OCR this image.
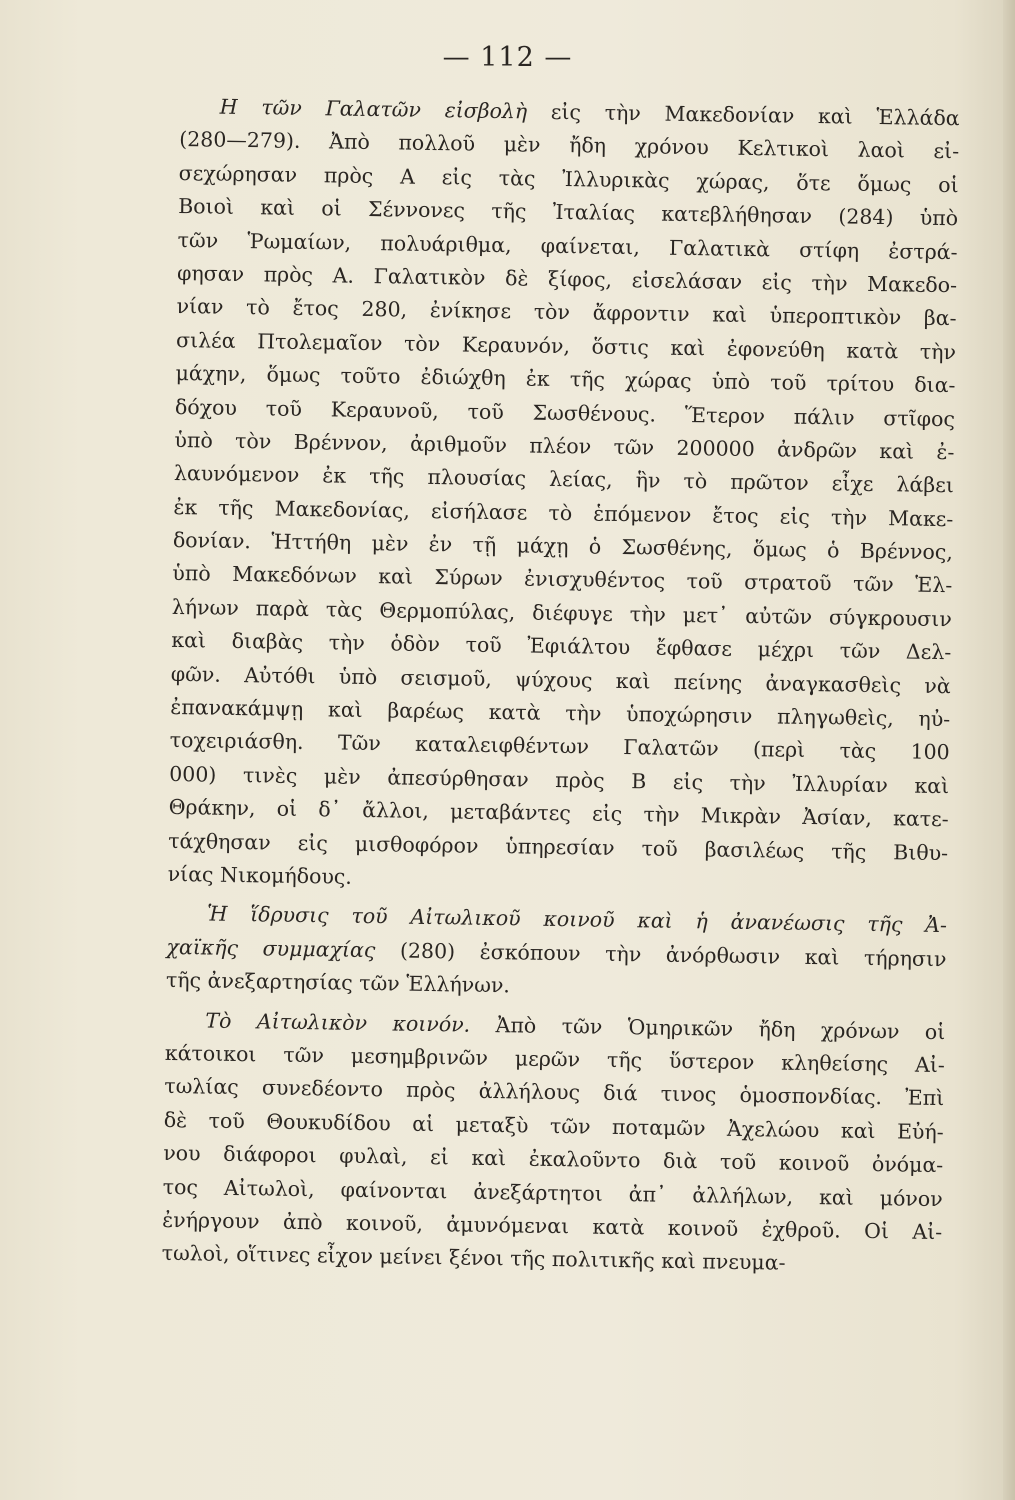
— 112 —
Η τῶν Γαλατῶν εἰσβολὴ εἰς τὴν Μακεδονίαν καὶ Ἑλλάδα
(280—279). Ἀπὸ πολλοῦ μὲν ἤδη χρόνου Κελτικοὶ λαοὶ εἰ-
σεχώρησαν πρὸς Α εἰς τὰς Ἰλλυρικὰς χώρας, ὅτε ὅμως οἱ
Βοιοὶ καὶ οἱ Σέννονες τῆς Ἰταλίας κατεβλήθησαν (284) ὑπὸ
τῶν Ῥωμαίων, πολυάριθμα, φαίνεται, Γαλατικὰ στίφη ἐστρά-
φησαν πρὸς Α. Γαλατικὸν δὲ ξίφος, εἰσελάσαν εἰς τὴν Μακεδο-
νίαν τὸ ἔτος 280, ἐνίκησε τὸν ἄφροντιν καὶ ὑπεροπτικὸν βα-
σιλέα Πτολεμαῖον τὸν Κεραυνόν, ὅστις καὶ ἐφονεύθη κατὰ τὴν
μάχην, ὅμως τοῦτο ἐδιώχθη ἐκ τῆς χώρας ὑπὸ τοῦ τρίτου δια-
δόχου τοῦ Κεραυνοῦ, τοῦ Σωσθένους. Ἕτερον πάλιν στῖφος
ὑπὸ τὸν Βρέννον, ἀριθμοῦν πλέον τῶν 200000 ἀνδρῶν καὶ ἐ-
λαυνόμενον ἐκ τῆς πλουσίας λείας, ἣν τὸ πρῶτον εἶχε λάβει
ἐκ τῆς Μακεδονίας, εἰσήλασε τὸ ἑπόμενον ἔτος εἰς τὴν Μακε-
δονίαν. Ἡττήθη μὲν ἐν τῇ μάχῃ ὁ Σωσθένης, ὅμως ὁ Βρέννος,
ὑπὸ Μακεδόνων καὶ Σύρων ἐνισχυθέντος τοῦ στρατοῦ τῶν Ἑλ-
λήνων παρὰ τὰς Θερμοπύλας, διέφυγε τὴν μετ᾽ αὐτῶν σύγκρουσιν
καὶ διαβὰς τὴν ὁδὸν τοῦ Ἐφιάλτου ἔφθασε μέχρι τῶν Δελ-
φῶν. Αὐτόθι ὑπὸ σεισμοῦ, ψύχους καὶ πείνης ἀναγκασθεὶς νὰ
ἐπανακάμψῃ καὶ βαρέως κατὰ τὴν ὑποχώρησιν πληγωθεὶς, ηὐ-
τοχειριάσθη. Τῶν καταλειφθέντων Γαλατῶν (περὶ τὰς 100
000) τινὲς μὲν ἀπεσύρθησαν πρὸς Β εἰς τὴν Ἰλλυρίαν καὶ
Θράκην, οἱ δ᾽ ἄλλοι, μεταβάντες εἰς τὴν Μικρὰν Ἀσίαν, κατε-
τάχθησαν εἰς μισθοφόρον ὑπηρεσίαν τοῦ βασιλέως τῆς Βιθυ-
νίας Νικομήδους.
Ἡ ἵδρυσις τοῦ Αἰτωλικοῦ κοινοῦ καὶ ἡ ἀνανέωσις τῆς Ἀ-
χαϊκῆς συμμαχίας (280) ἐσκόπουν τὴν ἀνόρθωσιν καὶ τήρησιν
τῆς ἀνεξαρτησίας τῶν Ἑλλήνων.
Τὸ Αἰτωλικὸν κοινόν. Ἀπὸ τῶν Ὁμηρικῶν ἤδη χρόνων οἱ
κάτοικοι τῶν μεσημβρινῶν μερῶν τῆς ὕστερον κληθείσης Αἰ-
τωλίας συνεδέοντο πρὸς ἀλλήλους διά τινος ὁμοσπονδίας. Ἐπὶ
δὲ τοῦ Θουκυδίδου αἱ μεταξὺ τῶν ποταμῶν Ἀχελώου καὶ Εὐή-
νου διάφοροι φυλαὶ, εἰ καὶ ἐκαλοῦντο διὰ τοῦ κοινοῦ ὀνόμα-
τος Αἰτωλοὶ, φαίνονται ἀνεξάρτητοι ἀπ᾽ ἀλλήλων, καὶ μόνον
ἐνήργουν ἀπὸ κοινοῦ, ἀμυνόμεναι κατὰ κοινοῦ ἐχθροῦ. Οἱ Αἰ-
τωλοὶ, οἵτινες εἶχον μείνει ξένοι τῆς πολιτικῆς καὶ πνευμα-
